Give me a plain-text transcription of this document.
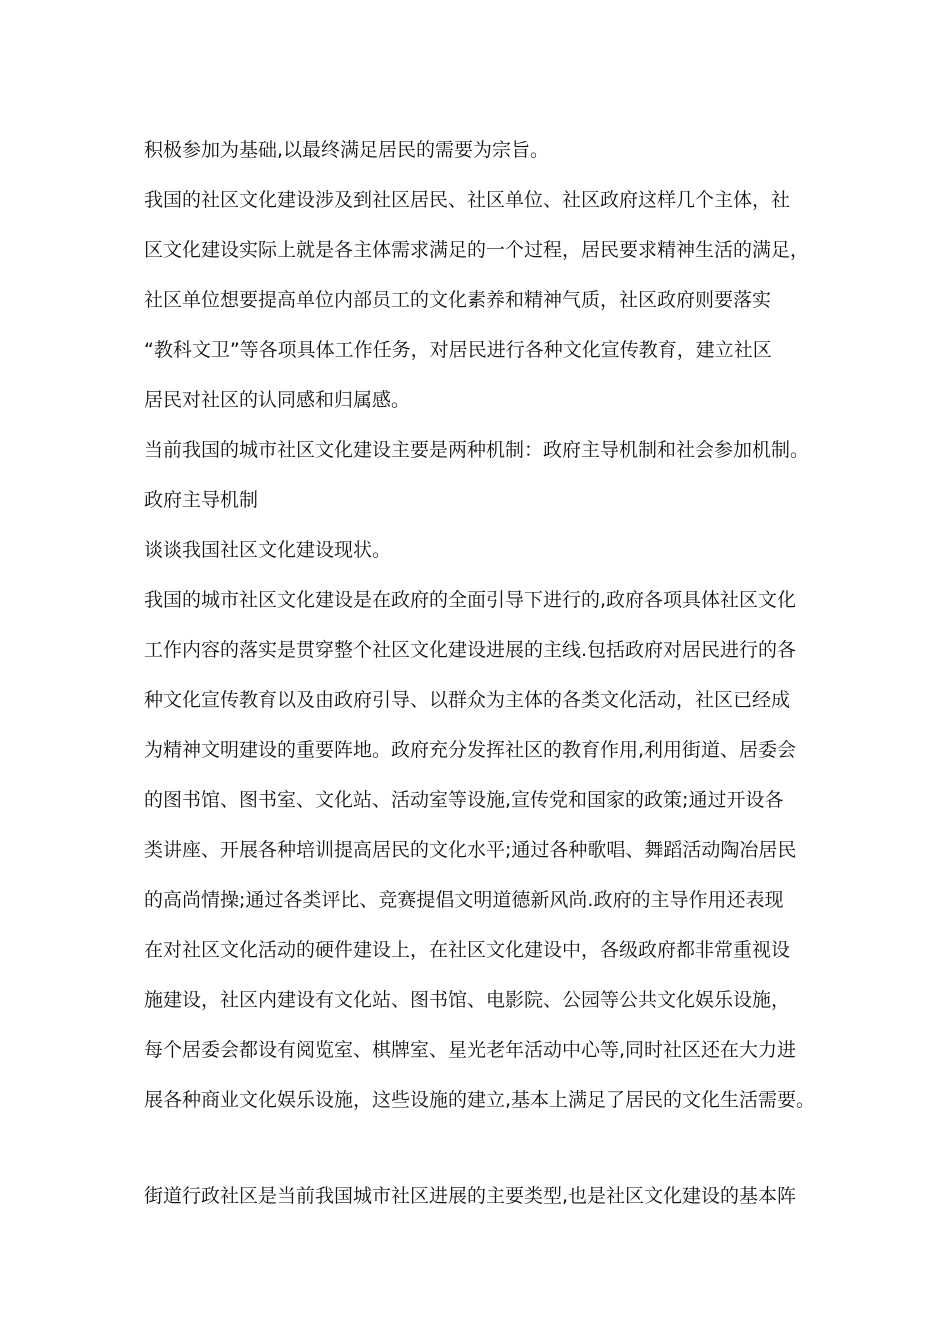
积极参加为基础,以最终满足居民的需要为宗旨。
我国的社区文化建设涉及到社区居民、社区单位、社区政府这样几个主体，社
区文化建设实际上就是各主体需求满足的一个过程，居民要求精神生活的满足，
社区单位想要提高单位内部员工的文化素养和精神气质，社区政府则要落实
“教科文卫”等各项具体工作任务，对居民进行各种文化宣传教育，建立社区
居民对社区的认同感和归属感。
当前我国的城市社区文化建设主要是两种机制：政府主导机制和社会参加机制。
政府主导机制
谈谈我国社区文化建设现状。
我国的城市社区文化建设是在政府的全面引导下进行的,政府各项具体社区文化
工作内容的落实是贯穿整个社区文化建设进展的主线.包括政府对居民进行的各
种文化宣传教育以及由政府引导、以群众为主体的各类文化活动，社区已经成
为精神文明建设的重要阵地。政府充分发挥社区的教育作用,利用街道、居委会
的图书馆、图书室、文化站、活动室等设施,宣传党和国家的政策;通过开设各
类讲座、开展各种培训提高居民的文化水平;通过各种歌唱、舞蹈活动陶冶居民
的高尚情操;通过各类评比、竞赛提倡文明道德新风尚.政府的主导作用还表现
在对社区文化活动的硬件建设上，在社区文化建设中，各级政府都非常重视设
施建设，社区内建设有文化站、图书馆、电影院、公园等公共文化娱乐设施，
每个居委会都设有阅览室、棋牌室、星光老年活动中心等,同时社区还在大力进
展各种商业文化娱乐设施，这些设施的建立,基本上满足了居民的文化生活需要。
街道行政社区是当前我国城市社区进展的主要类型,也是社区文化建设的基本阵
